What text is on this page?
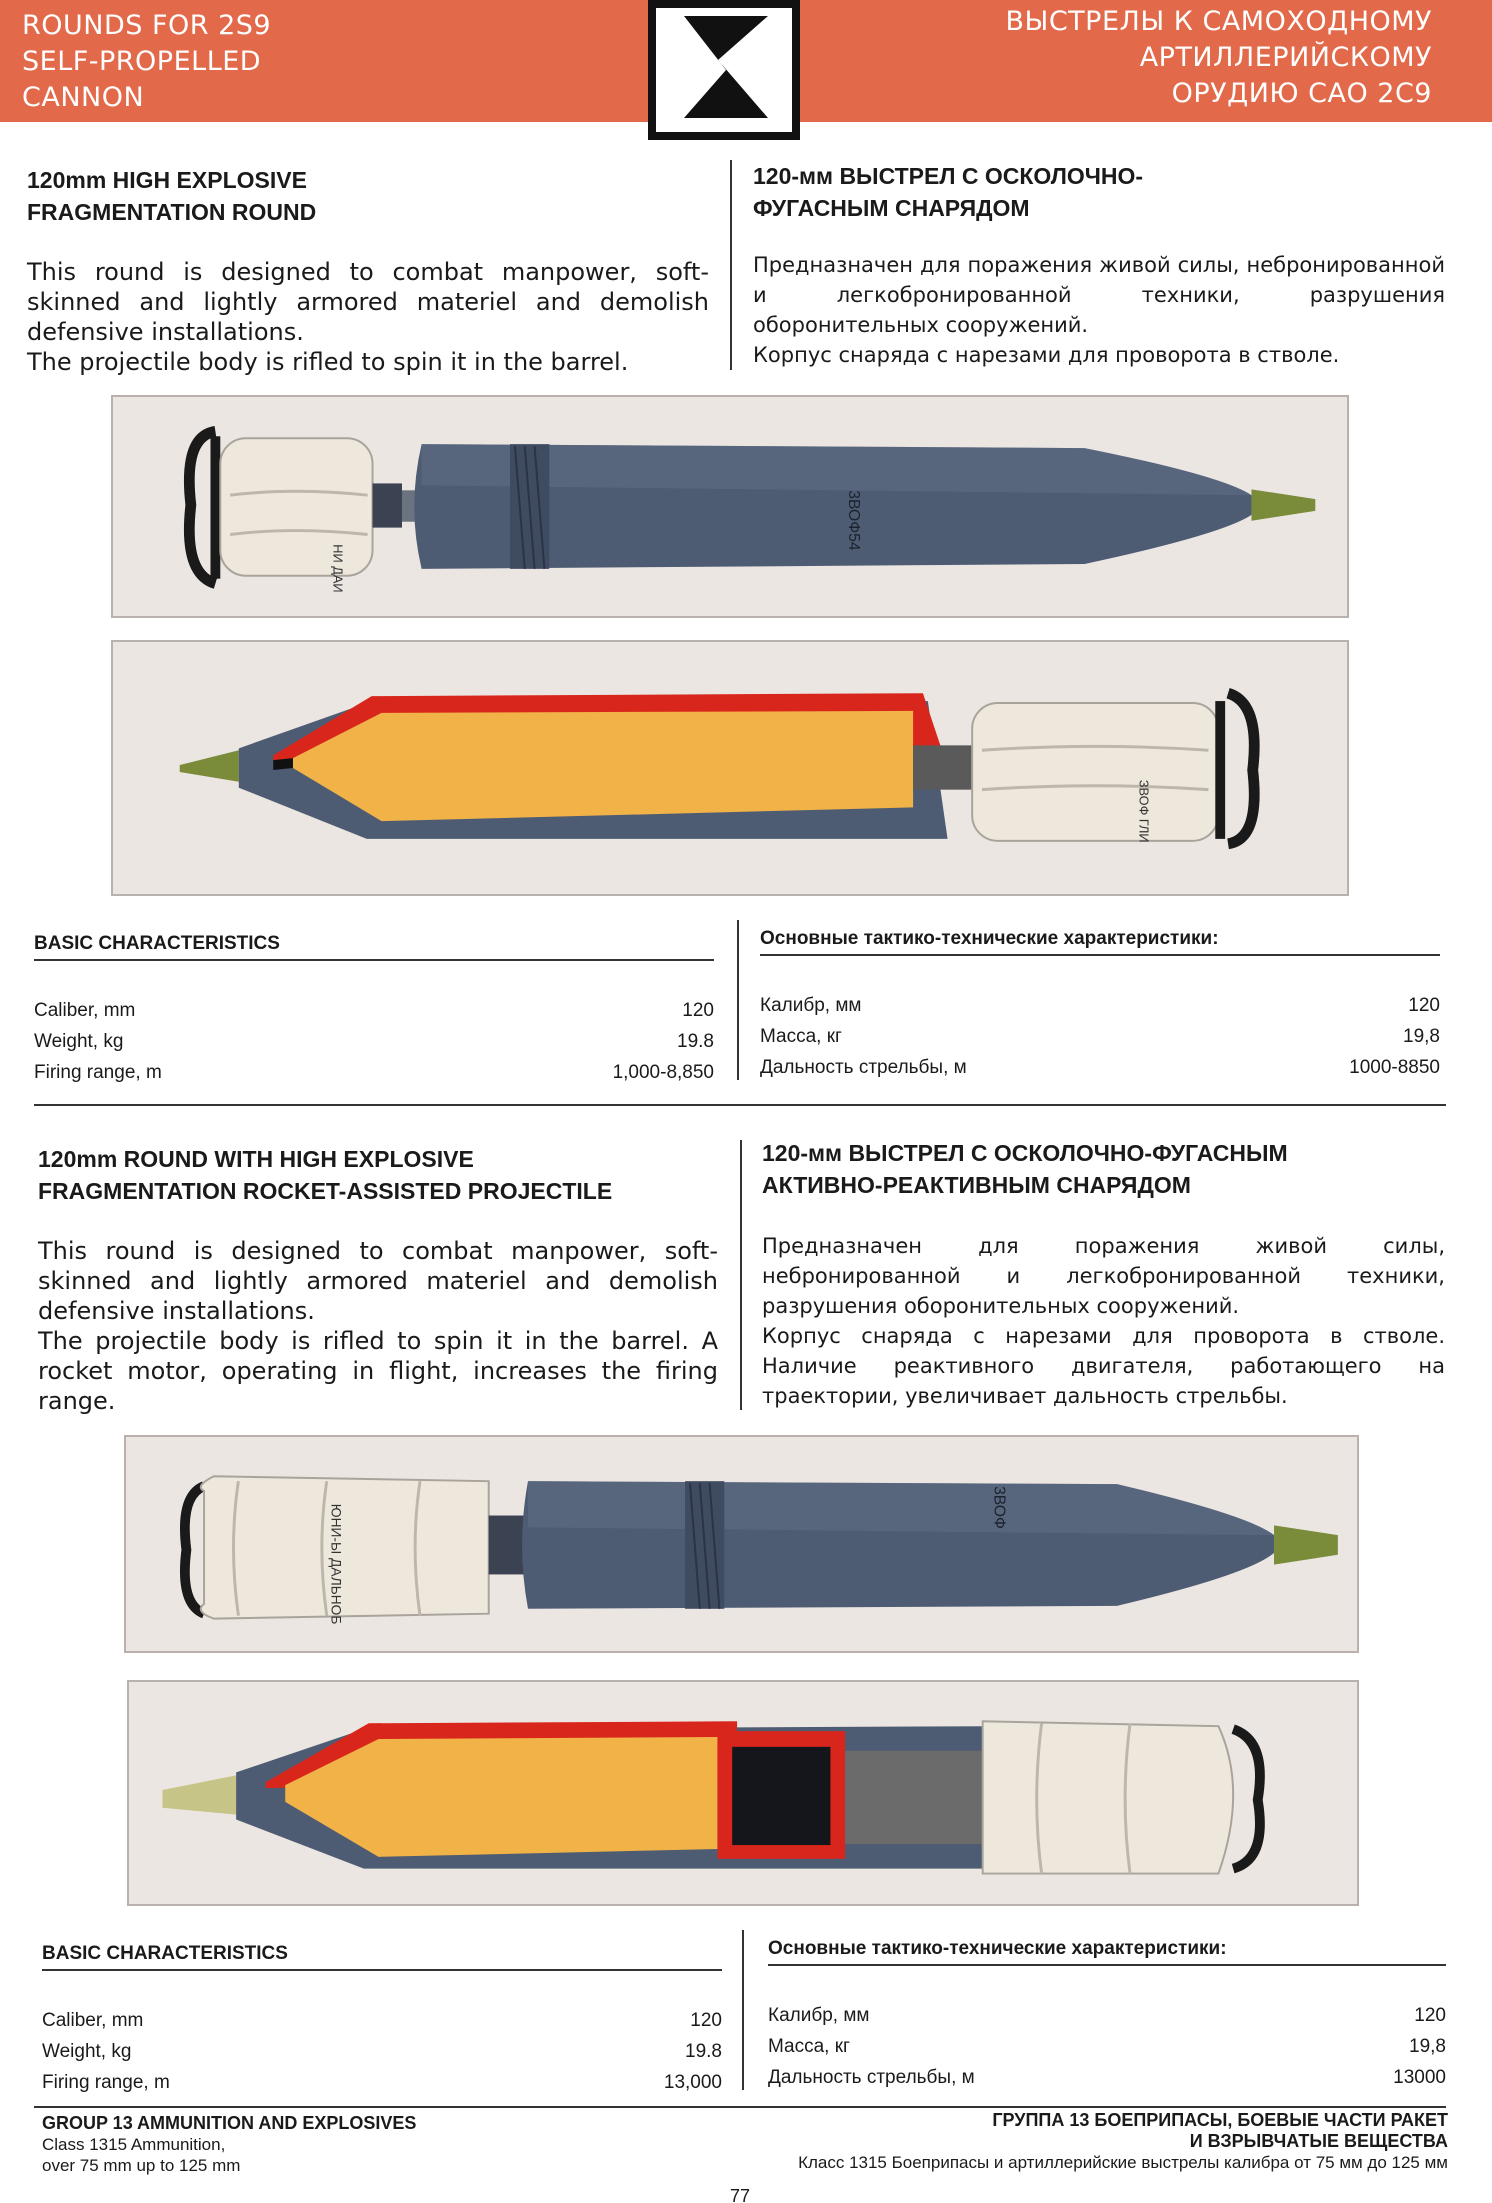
ROUNDS FOR 2S9
SELF-PROPELLED
CANNON
ВЫСТРЕЛЫ К САМОХОДНОМУ
АРТИЛЛЕРИЙСКОМУ
ОРУДИЮ САО 2С9
120mm HIGH EXPLOSIVE
FRAGMENTATION ROUND
This round is designed to combat manpower, soft-skinned and lightly armored materiel and demolish defensive installations.
The projectile body is rifled to spin it in the barrel.
120-мм ВЫСТРЕЛ С ОСКОЛОЧНО-
ФУГАСНЫМ СНАРЯДОМ
Предназначен для поражения живой силы, небронированной и легкобронированной техники, разрушения оборонительных сооружений.
Корпус снаряда с нарезами для проворота в стволе.
НИ ДАИ
3ВОФ54
ЗВОФ ГЛИ
BASIC CHARACTERISTICS
Caliber, mm	120
Weight, kg	19.8
Firing range, m	1,000-8,850
Основные тактико-технические характеристики:
Калибр, мм	120
Масса, кг	19,8
Дальность стрельбы, м	1000-8850
120mm ROUND WITH HIGH EXPLOSIVE
FRAGMENTATION ROCKET-ASSISTED PROJECTILE
This round is designed to combat manpower, soft-skinned and lightly armored materiel and demolish defensive installations.
The projectile body is rifled to spin it in the barrel. A rocket motor, operating in flight, increases the firing range.
120-мм ВЫСТРЕЛ С ОСКОЛОЧНО-ФУГАСНЫМ
АКТИВНО-РЕАКТИВНЫМ СНАРЯДОМ
Предназначен для поражения живой силы, небронированной и легкобронированной техники, разрушения оборонительных сооружений.
Корпус снаряда с нарезами для проворота в стволе. Наличие реактивного двигателя, работающего на траектории, увеличивает дальность стрельбы.
ЮНИ-Ы ДАЛЬНОБ	3ВОФ
BASIC CHARACTERISTICS
Caliber, mm	120
Weight, kg	19.8
Firing range, m	13,000
Основные тактико-технические характеристики:
Калибр, мм	120
Масса, кг	19,8
Дальность стрельбы, м	13000
GROUP 13 AMMUNITION AND EXPLOSIVES
Class 1315 Ammunition,
over 75 mm up to 125 mm
ГРУППА 13 БОЕПРИПАСЫ, БОЕВЫЕ ЧАСТИ РАКЕТ
И ВЗРЫВЧАТЫЕ ВЕЩЕСТВА
Класс 1315 Боеприпасы и артиллерийские выстрелы калибра от 75 мм до 125 мм
77
